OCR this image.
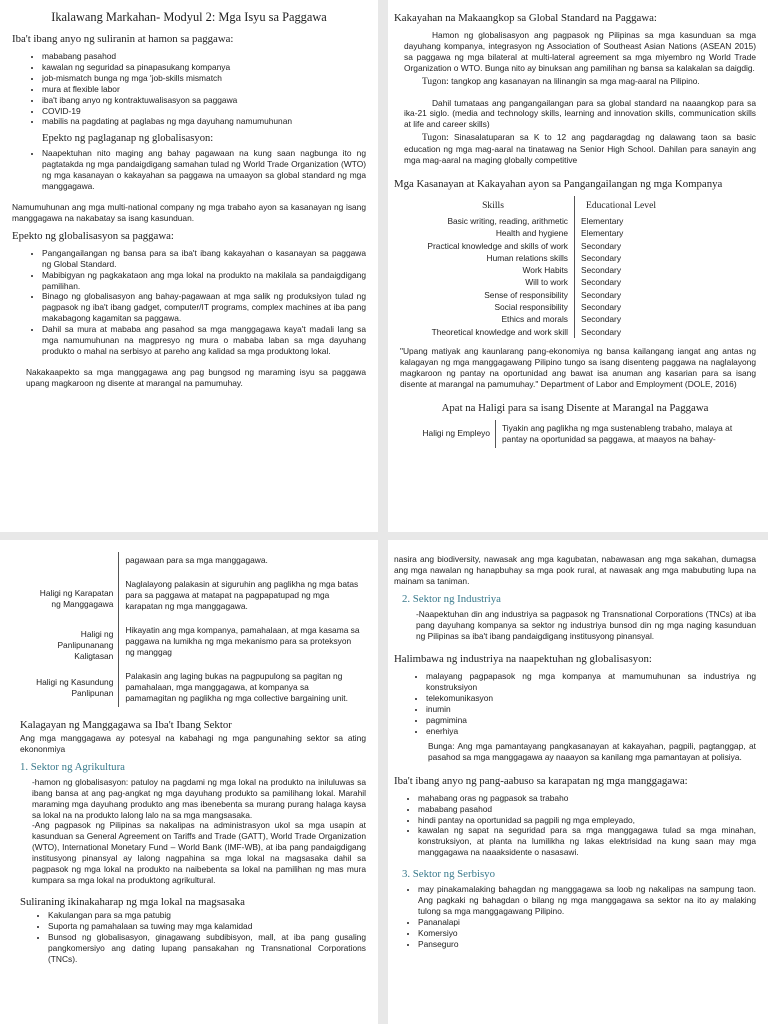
Ikalawang Markahan- Modyul 2: Mga Isyu sa Paggawa
Iba't ibang anyo ng suliranin at hamon sa paggawa:
• mababang pasahod
• kawalan ng seguridad sa pinapasukang kompanya
• job-mismatch bunga ng mga 'job-skills mismatch
• mura at flexible labor
• iba't ibang anyo ng kontraktuwalisasyon sa paggawa
• COVID-19
• mabilis na pagdating at paglabas ng mga dayuhang namumuhunan
Epekto ng paglaganap ng globalisasyon:
• Naapektuhan nito maging ang bahay pagawaan na kung saan nagbunga ito ng pagtatakda ng mga pandaigdigang samahan tulad ng World Trade Organization (WTO) ng mga kasanayan o kakayahan sa paggawa na umaayon sa global standard ng mga manggagawa.

Namumuhunan ang mga multi-national company ng mga trabaho ayon sa kasanayan ng isang manggagawa na nakabatay sa isang kasunduan.

Epekto ng globalisasyon sa paggawa:
• Pangangailangan ng bansa para sa iba't ibang kakayahan o kasanayan sa paggawa ng Global Standard.
• Mabibigyan ng pagkakataon ang mga lokal na produkto na makilala sa pandaigdigang pamilihan.
• Binago ng globalisasyon ang bahay-pagawaan at mga salik ng produksiyon tulad ng pagpasok ng iba't ibang gadget, computer/IT programs, complex machines at iba pang makabagong kagamitan sa paggawa.
• Dahil sa mura at mababa ang pasahod sa mga manggagawa kaya't madali lang sa mga namumuhunan na magpresyo ng mura o mababa laban sa mga dayuhang produkto o mahal na serbisyo at pareho ang kalidad sa mga produktong lokal.

Nakakaapekto sa mga manggagawa ang pag bungsod ng maraming isyu sa paggawa upang magkaroon ng disente at marangal na pamumuhay.

Kakayahan na Makaangkop sa Global Standard na Paggawa:

Hamon ng globalisasyon ang pagpasok ng Pilipinas sa mga kasunduan sa mga dayuhang kompanya, integrasyon ng Association of Southeast Asian Nations (ASEAN 2015) sa paggawa ng mga bilateral at multi-lateral agreement sa mga miyembro ng World Trade Organization o WTO. Bunga nito ay binuksan ang pamilihan ng bansa sa kalakalan sa daigdig.

Tugon: tangkop ang kasanayan na lilinangin sa mga mag-aaral na Pilipino.

Dahil tumataas ang pangangailangan para sa global standard na naaangkop para sa ika-21 siglo. (media and technology skills, learning and innovation skills, communication skills at life and career skills)

Tugon: Sinasalatuparan sa K to 12 ang pagdaragdag ng dalawang taon sa basic education ng mga mag-aaral na tinatawag na Senior High School. Dahilan para sanayin ang mga mag-aaral na maging globally competitive

Mga Kasanayan at Kakayahan ayon sa Pangangailangan ng mga Kompanya
Skills	Educational Level
Basic writing, reading, arithmetic	Elementary
Health and hygiene	Elementary
Practical knowledge and skills of work	Secondary
Human relations skills	Secondary
Work Habits	Secondary
Will to work	Secondary
Sense of responsibility	Secondary
Social responsibility	Secondary
Ethics and morals	Secondary
Theoretical knowledge and work skill	Secondary

"Upang matiyak ang kaunlarang pang-ekonomiya ng bansa kailangang iangat ang antas ng kalagayan ng mga manggagawang Pilipino tungo sa isang disenteng paggawa na naglalayong magkaroon ng pantay na oportunidad ang bawat isa anuman ang kasarian para sa isang disente at marangal na pamumuhay." Department of Labor and Employment (DOLE, 2016)

Apat na Haligi para sa isang Disente at Marangal na Paggawa
Haligi ng Empleyo	Tiyakin ang paglikha ng mga sustenableng trabaho, malaya at pantay na oportunidad sa paggawa, at maayos na bahay-
	pagawaan para sa mga manggagawa.
Haligi ng Karapatan ng Manggagawa	Naglalayong palakasin at siguruhin ang paglikha ng mga batas para sa paggawa at matapat na pagpapatupad ng mga karapatan ng mga manggagawa.
Haligi ng Panlipunanang Kaligtasan	Hikayatin ang mga kompanya, pamahalaan, at mga kasama sa paggawa na lumikha ng mga mekanismo para sa proteksyon ng manggag
Haligi ng Kasundung Panlipunan	Palakasin ang laging bukas na pagpupulong sa pagitan ng pamahalaan, mga manggagawa, at kompanya sa pamamagitan ng paglikha ng mga collective bargaining unit.
Kalagayan ng Manggagawa sa Iba't Ibang Sektor

Ang mga manggagawa ay potesyal na kabahagi ng mga pangunahing sektor sa ating ekononmiya

1. Sektor ng Agrikultura

-hamon ng globalisasyon: patuloy na pagdami ng mga lokal na produkto na iniluluwas sa ibang bansa at ang pag-angkat ng mga dayuhang produkto sa pamilihang lokal. Marahil maraming mga dayuhang produkto ang mas ibenebenta sa murang purang halaga kaysa sa lokal na na produkto lalong lalo na sa mga mangsasaka.

-Ang pagpasok ng Pilipinas sa nakalipas na administrasyon ukol sa mga usapin at kasunduan sa General Agreement on Tariffs and Trade (GATT), World Trade Organization (WTO), International Monetary Fund – World Bank (IMF-WB), at iba pang pandaigdigang institusyong pinansyal ay lalong nagpahina sa mga lokal na magsasaka dahil sa pagpasok ng mga lokal na produkto na naibebenta sa lokal na pamilihan ng mas mura kumpara sa mga lokal na produktong agrikultural.

Suliraning ikinakaharap ng mga lokal na magsasaka
• Kakulangan para sa mga patubig
• Suporta ng pamahalaan sa tuwing may mga kalamidad
• Bunsod ng globalisasyon, ginagawang subdibisyon, mall, at iba pang gusaling pangkomersiyo ang dating lupang pansakahan ng Transnational Corporations (TNCs).

nasira ang biodiversity, nawasak ang mga kagubatan, nabawasan ang mga sakahan, dumagsa ang mga nawalan ng hanapbuhay sa mga pook rural, at nawasak ang mga mabubuting lupa na mainam sa taniman.

2. Sektor ng Industriya

-Naapektuhan din ang industriya sa pagpasok ng Transnational Corporations (TNCs) at iba pang dayuhang kompanya sa sektor ng industriya bunsod din ng mga naging kasunduan ng Pilipinas sa iba't ibang pandaigdigang institusyong pinansyal.

Halimbawa ng industriya na naapektuhan ng globalisasyon:
• malayang pagpapasok ng mga kompanya at mamumuhunan sa industriya ng konstruksiyon
• telekomunikasyon
• inumin
• pagmimina
• enerhiya

Bunga: Ang mga pamantayang pangkasanayan at kakayahan, pagpili, pagtanggap, at pasahod sa mga manggagawa ay naaayon sa kanilang mga pamantayan at polisiya.

Iba't ibang anyo ng pang-aabuso sa karapatan ng mga manggagawa:
• mahabang oras ng pagpasok sa trabaho
• mababang pasahod
• hindi pantay na oportunidad sa pagpili ng mga empleyado,
• kawalan ng sapat na seguridad para sa mga manggagawa tulad sa mga minahan, konstruksiyon, at planta na lumilikha ng lakas elektrisidad na kung saan may mga manggagawa na naaaksidente o nasasawi.
3. Sektor ng Serbisyo
• may pinakamalaking bahagdan ng manggagawa sa loob ng nakalipas na sampung taon. Ang pagkaki ng bahagdan o bilang ng mga manggagawa sa sektor na ito ay malaking tulong sa mga manggagawang Pilipino.
• Pananalapi
• Komersiyo
• Panseguro
